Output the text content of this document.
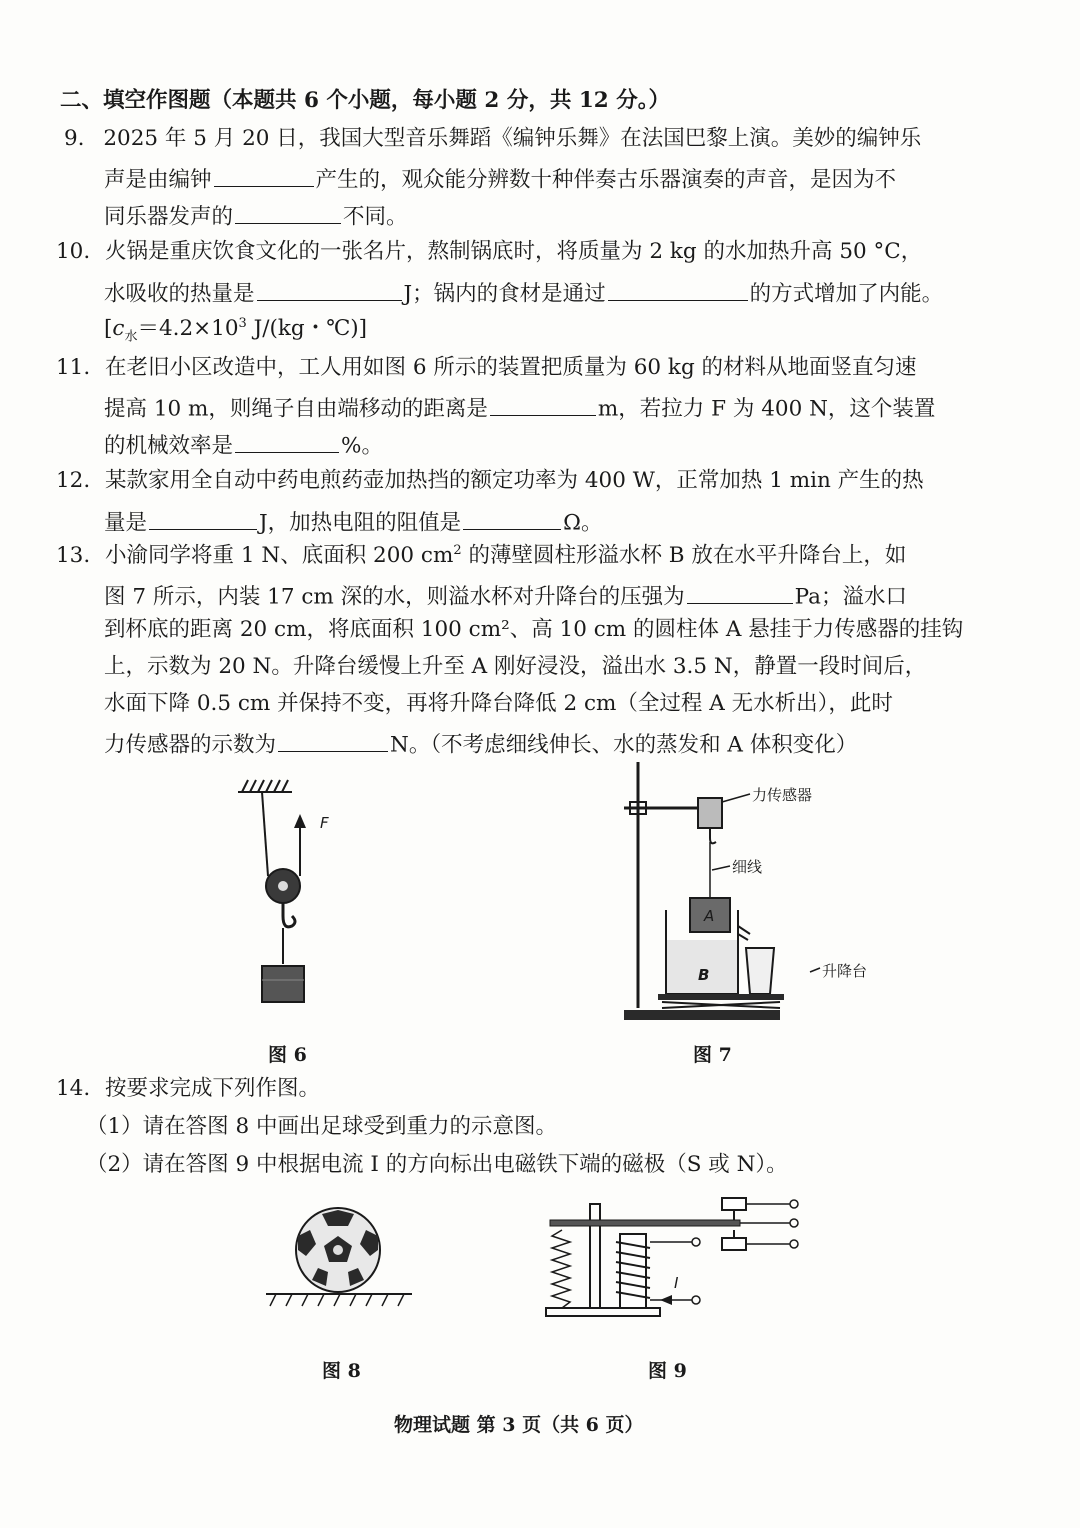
二、填空作图题（本题共 6 个小题，每小题 2 分，共 12 分。）
9. 2025 年 5 月 20 日，我国大型音乐舞蹈《编钟乐舞》在法国巴黎上演。美妙的编钟乐
声是由编钟	产生的，观众能分辨数十种伴奏古乐器演奏的声音，是因为不
同乐器发声的	不同。
10. 火锅是重庆饮食文化的一张名片，熬制锅底时，将质量为 2 kg 的水加热升高 50 °C，
水吸收的热量是	J；锅内的食材是通过	的方式增加了内能。
[$c_水=4.2\times 10^3$ J/(kg・℃)]
11. 在老旧小区改造中，工人用如图 6 所示的装置把质量为 60 kg 的材料从地面竖直匀速
提高 10 m，则绳子自由端移动的距离是	m，若拉力 F 为 400 N，这个装置
的机械效率是	%。
12. 某款家用全自动中药电煎药壶加热挡的额定功率为 400 W，正常加热 1 min 产生的热
量是	J，加热电阻的阻值是	Ω。
13. 小渝同学将重 1 N、底面积 200 $cm^2$ 的薄壁圆柱形溢水杯 B 放在水平升降台上，如
图 7 所示，内装 17 cm 深的水，则溢水杯对升降台的压强为	Pa；溢水口
到杯底的距离 20 cm，将底面积 100 cm²、高 10 cm 的圆柱体 A 悬挂于力传感器的挂钩
上，示数为 20 N。升降台缓慢上升至 A 刚好浸没，溢出水 3.5 N，静置一段时间后，
水面下降 0.5 cm 并保持不变，再将升降台降低 2 cm（全过程 A 无水析出），此时
力传感器的示数为	N。（不考虑细线伸长、水的蒸发和 A 体积变化）
F
图 6
力传感器
细线
A
B	升降台
图 7
14. 按要求完成下列作图。
（1）请在答图 8 中画出足球受到重力的示意图。
（2）请在答图 9 中根据电流 I 的方向标出电磁铁下端的磁极（S 或 N）。
图 8
I
图 9
物理试题 第 3 页（共 6 页）
